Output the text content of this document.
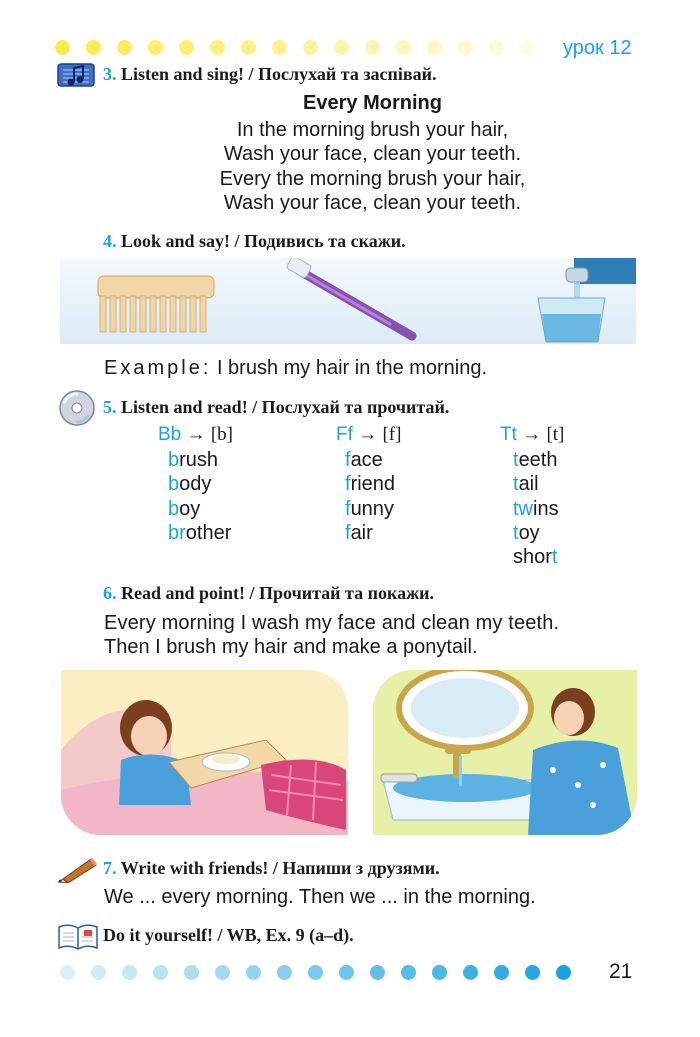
урок 12
3. Listen and sing! / Послухай та заспівай.
Every Morning
In the morning brush your hair,
Wash your face, clean your teeth.
Every the morning brush your hair,
Wash your face, clean your teeth.
4. Look and say! / Подивись та скажи.
Example: I brush my hair in the morning.
5. Listen and read! / Послухай та прочитай.
Bb → [b]
brush
body
boy
brother
Ff → [f]
face
friend
funny
fair
Tt → [t]
teeth
tail
twins
toy
short
6. Read and point! / Прочитай та покажи.
Every morning I wash my face and clean my teeth.
Then I brush my hair and make a ponytail.
7. Write with friends! / Напиши з друзями.
We ... every morning. Then we ... in the morning.
Do it yourself! / WB, Ex. 9 (a–d).
21
